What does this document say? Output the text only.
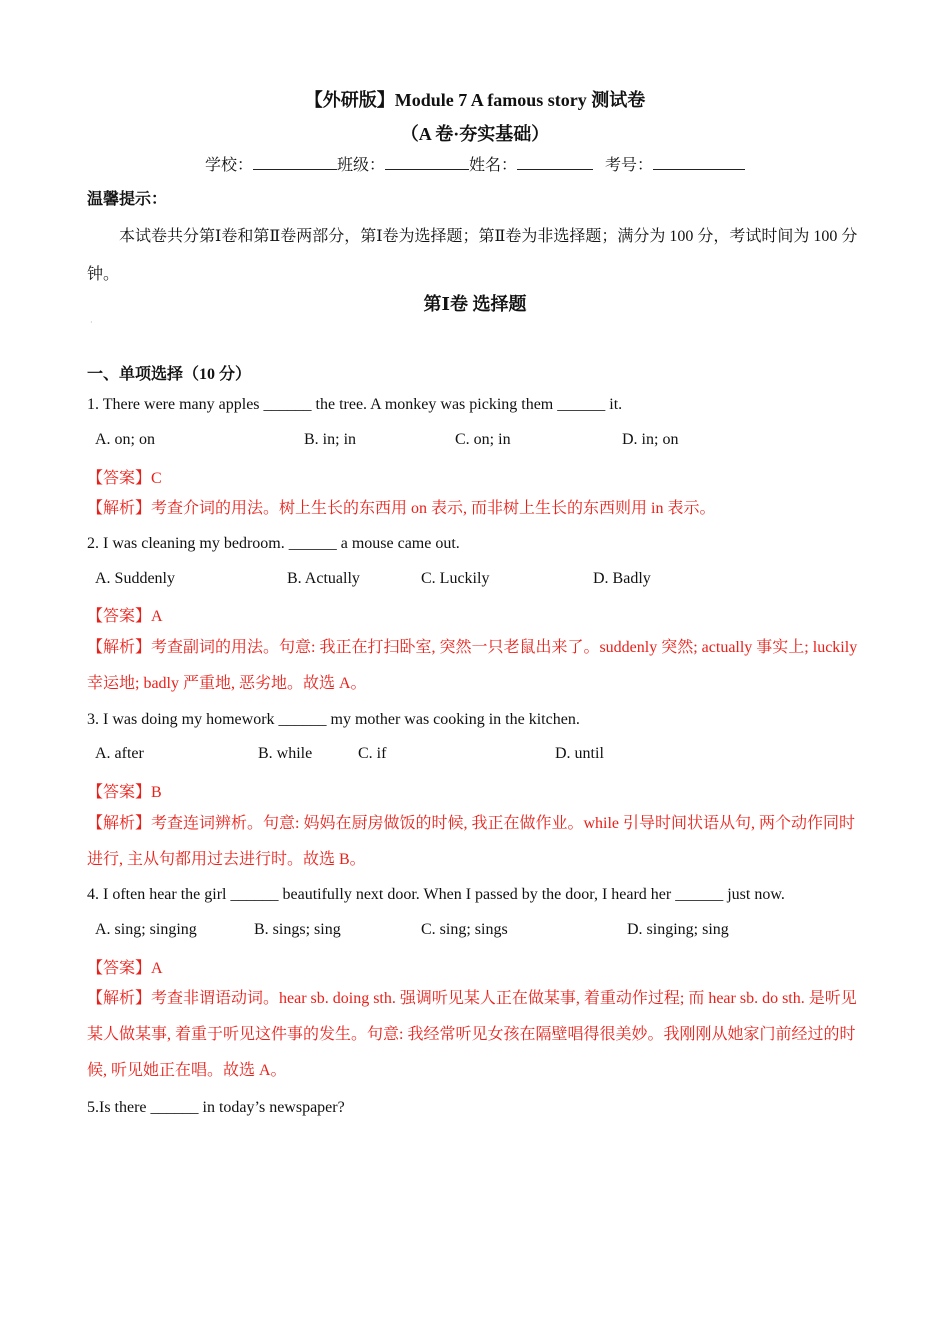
【外研版】Module 7 A famous story 测试卷
（A 卷·夯实基础）
学校：	班级：	姓名：	考号：
温馨提示：
本试卷共分第Ⅰ卷和第Ⅱ卷两部分，第Ⅰ卷为选择题；第Ⅱ卷为非选择题；满分为 100 分，考试时间为 100 分钟。
第Ⅰ卷 选择题
·
一、单项选择（10 分）
1. There were many apples ______ the tree. A monkey was picking them ______ it.
A. on; on	B. in; in	C. on; in	D. in; on
【答案】C
【解析】考查介词的用法。树上生长的东西用 on 表示, 而非树上生长的东西则用 in 表示。
2. I was cleaning my bedroom. ______ a mouse came out.
A. Suddenly	B. Actually	C. Luckily	D. Badly
【答案】A
【解析】考查副词的用法。句意: 我正在打扫卧室, 突然一只老鼠出来了。suddenly 突然; actually 事实上; luckily 幸运地; badly 严重地, 恶劣地。故选 A。
3. I was doing my homework ______ my mother was cooking in the kitchen.
A. after	B. while	C. if	D. until
【答案】B
【解析】考查连词辨析。句意: 妈妈在厨房做饭的时候, 我正在做作业。while 引导时间状语从句, 两个动作同时进行, 主从句都用过去进行时。故选 B。
4. I often hear the girl ______ beautifully next door. When I passed by the door, I heard her ______ just now.
A. sing; singing	B. sings; sing	C. sing; sings	D. singing; sing
【答案】A
【解析】考查非谓语动词。hear sb. doing sth. 强调听见某人正在做某事, 着重动作过程; 而 hear sb. do sth. 是听见某人做某事, 着重于听见这件事的发生。句意: 我经常听见女孩在隔壁唱得很美妙。我刚刚从她家门前经过的时候, 听见她正在唱。故选 A。
5.Is there ______ in today’s newspaper?
